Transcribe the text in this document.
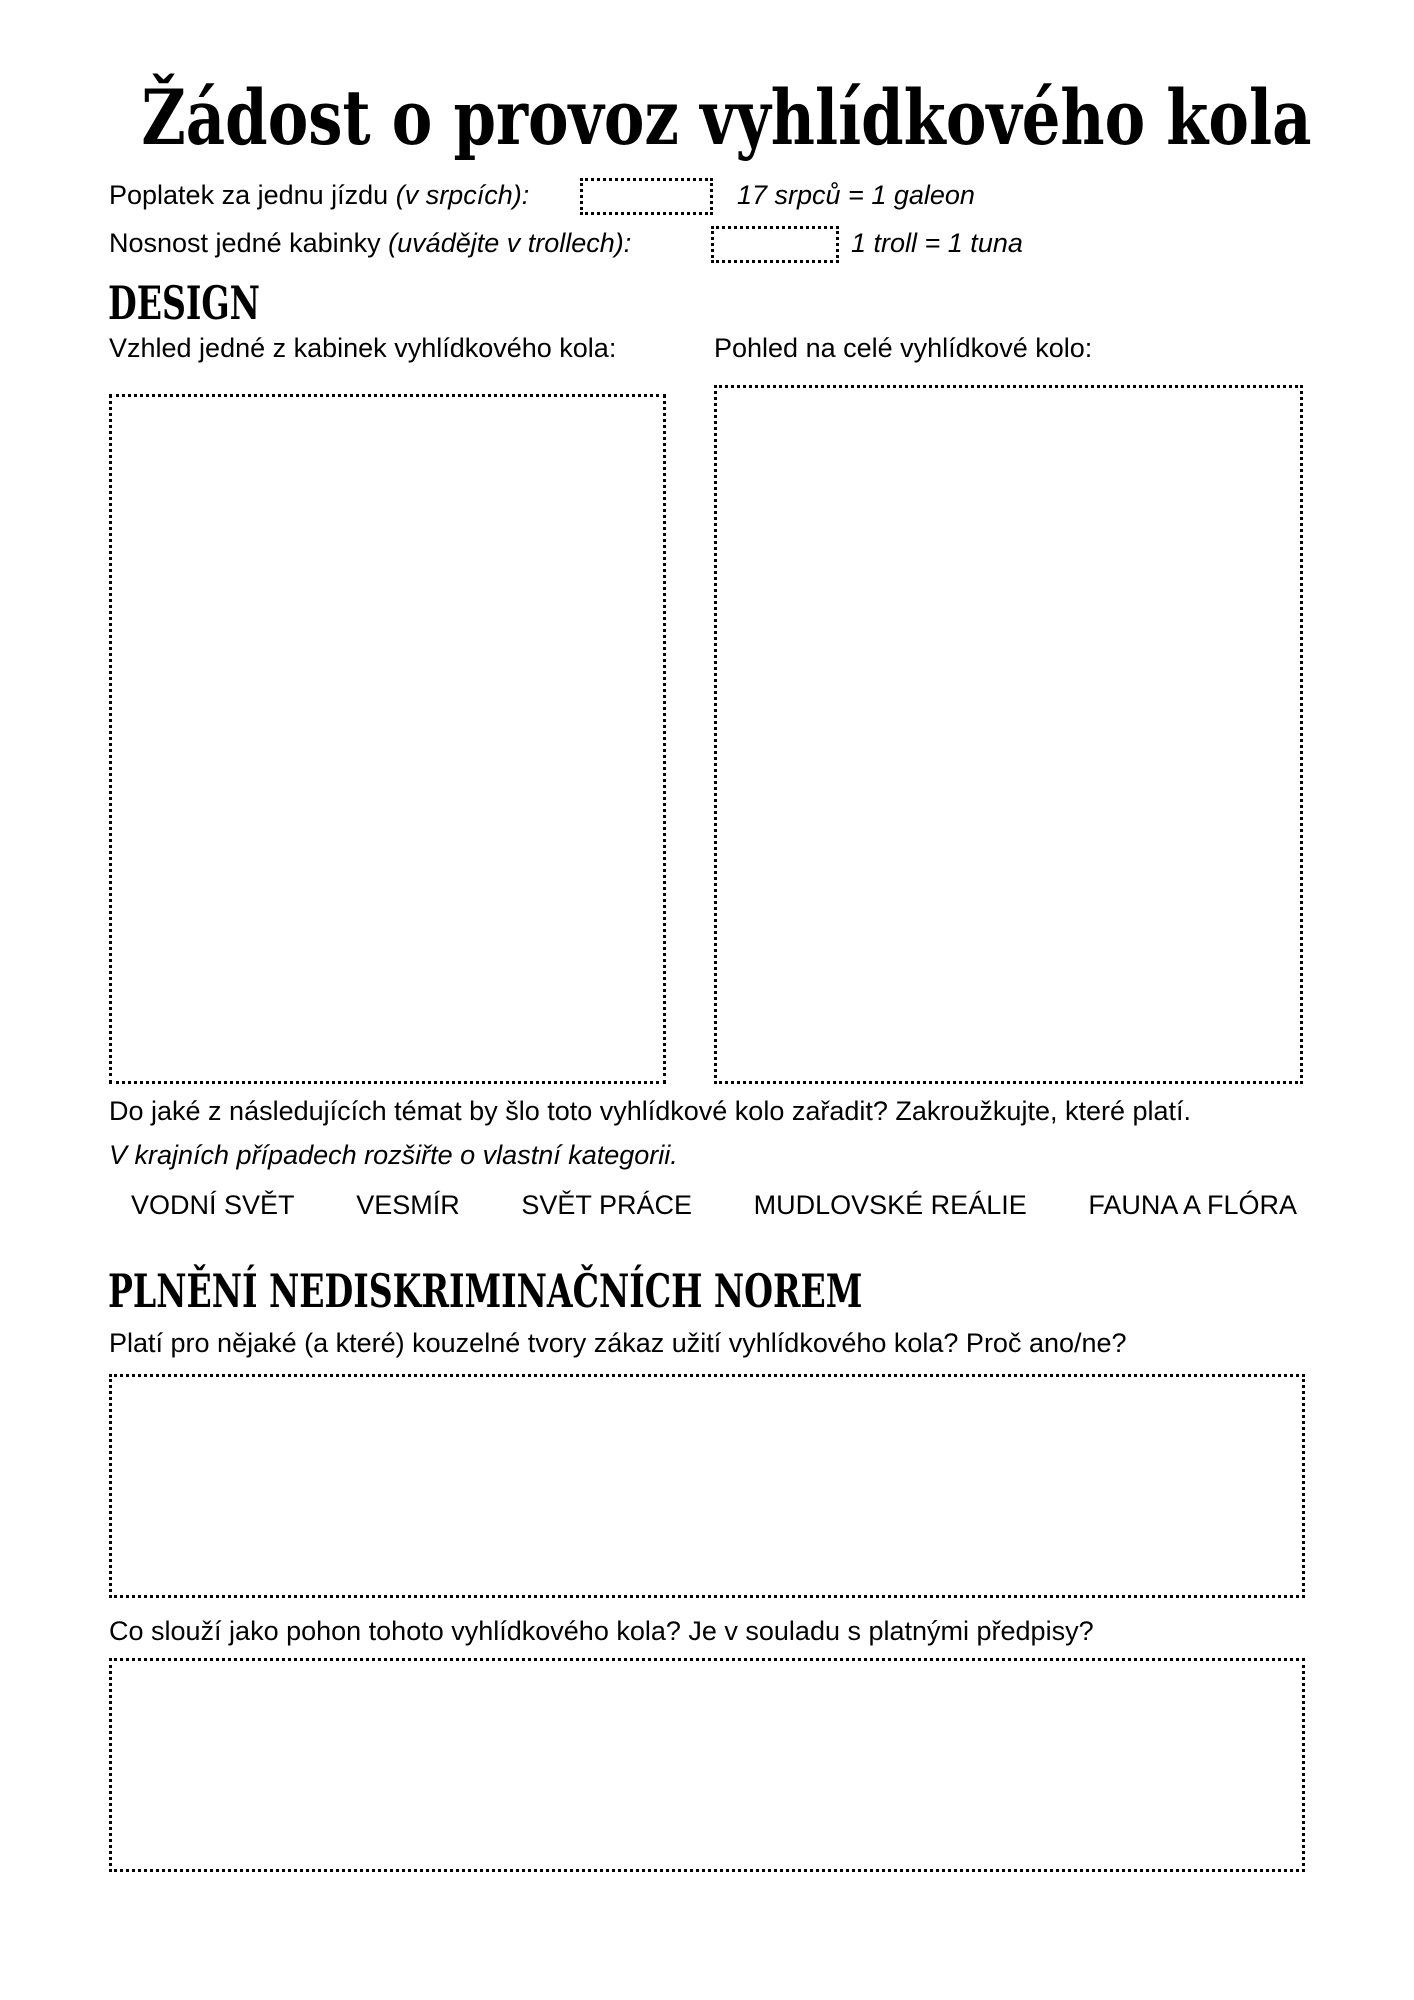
Žádost o provoz vyhlídkového kola
Poplatek za jednu jízdu (v srpcích):	17 srpců = 1 galeon
Nosnost jedné kabinky (uvádějte v trollech):	1 troll = 1 tuna
DESIGN
Vzhled jedné z kabinek vyhlídkového kola:	Pohled na celé vyhlídkové kolo:
Do jaké z následujících témat by šlo toto vyhlídkové kolo zařadit? Zakroužkujte, které platí.
V krajních případech rozšiřte o vlastní kategorii.
VODNÍ SVĚT VESMÍR SVĚT PRÁCE MUDLOVSKÉ REÁLIE FAUNA A FLÓRA
PLNĚNÍ NEDISKRIMINAČNÍCH NOREM
Platí pro nějaké (a které) kouzelné tvory zákaz užití vyhlídkového kola? Proč ano/ne?
Co slouží jako pohon tohoto vyhlídkového kola? Je v souladu s platnými předpisy?
